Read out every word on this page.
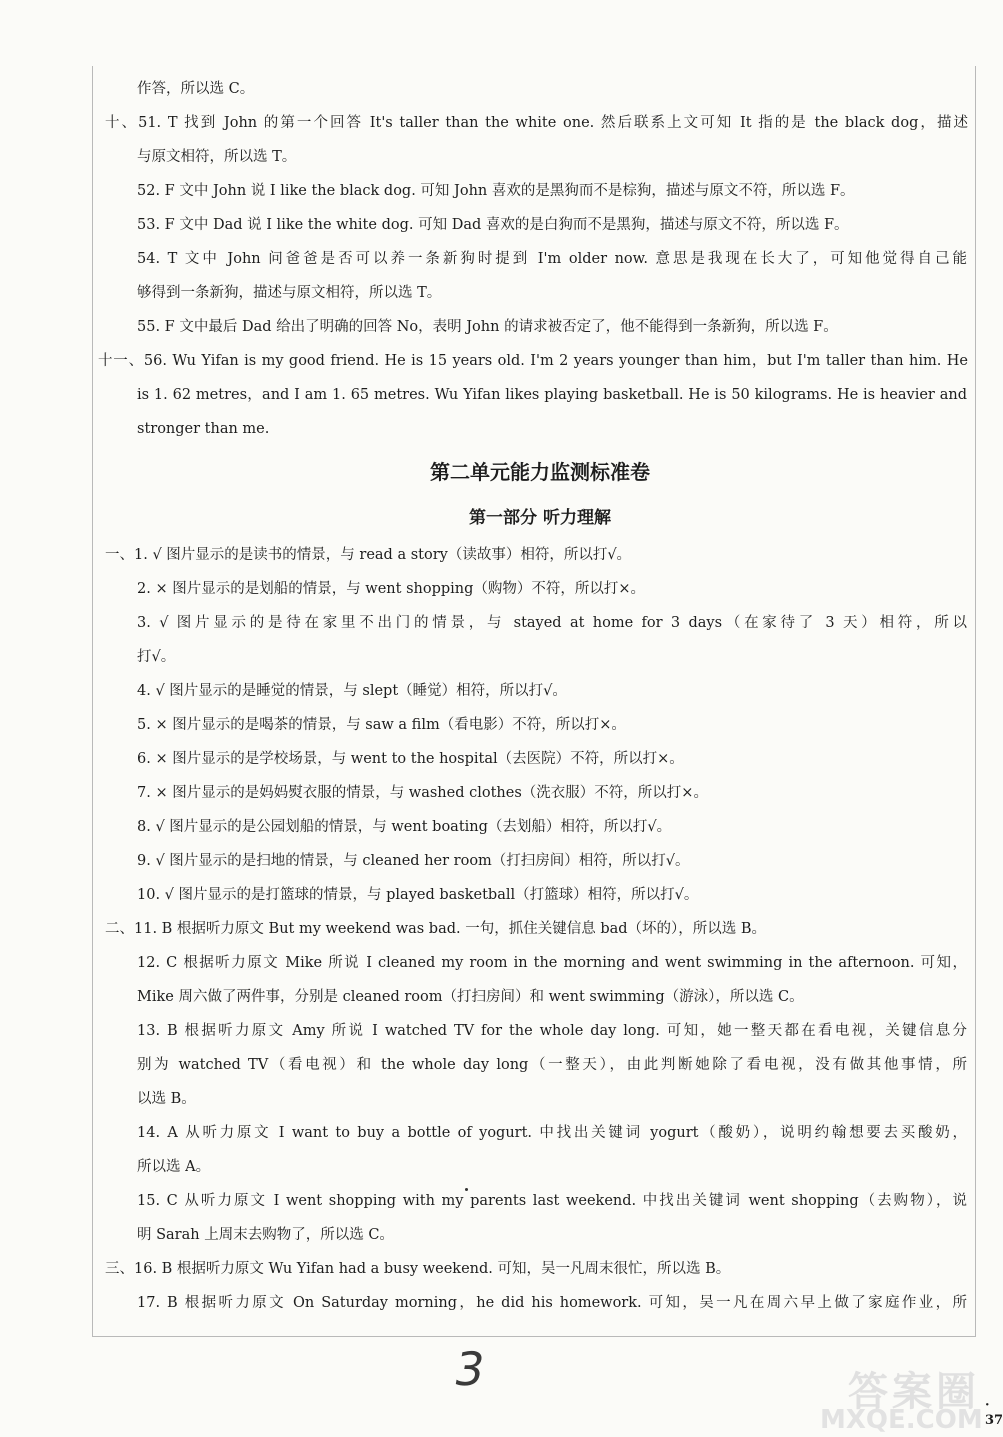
作答，所以选 C。
十、51. T 找到 John 的第一个回答 It's taller than the white one. 然后联系上文可知 It 指的是 the black dog，描述
与原文相符，所以选 T。
52. F 文中 John 说 I like the black dog. 可知 John 喜欢的是黑狗而不是棕狗，描述与原文不符，所以选 F。
53. F 文中 Dad 说 I like the white dog. 可知 Dad 喜欢的是白狗而不是黑狗，描述与原文不符，所以选 F。
54. T 文中 John 问爸爸是否可以养一条新狗时提到 I'm older now. 意思是我现在长大了，可知他觉得自己能
够得到一条新狗，描述与原文相符，所以选 T。
55. F 文中最后 Dad 给出了明确的回答 No，表明 John 的请求被否定了，他不能得到一条新狗，所以选 F。
十一、56. Wu Yifan is my good friend. He is 15 years old. I'm 2 years younger than him，but I'm taller than him. He
is 1. 62 metres，and I am 1. 65 metres. Wu Yifan likes playing basketball. He is 50 kilograms. He is heavier and
stronger than me.
第二单元能力监测标准卷
第一部分 听力理解
一、1. √ 图片显示的是读书的情景，与 read a story（读故事）相符，所以打√。
2. × 图片显示的是划船的情景，与 went shopping（购物）不符，所以打×。
3. √ 图片显示的是待在家里不出门的情景，与 stayed at home for 3 days（在家待了 3 天）相符，所以
打√。
4. √ 图片显示的是睡觉的情景，与 slept（睡觉）相符，所以打√。
5. × 图片显示的是喝茶的情景，与 saw a film（看电影）不符，所以打×。
6. × 图片显示的是学校场景，与 went to the hospital（去医院）不符，所以打×。
7. × 图片显示的是妈妈熨衣服的情景，与 washed clothes（洗衣服）不符，所以打×。
8. √ 图片显示的是公园划船的情景，与 went boating（去划船）相符，所以打√。
9. √ 图片显示的是扫地的情景，与 cleaned her room（打扫房间）相符，所以打√。
10. √ 图片显示的是打篮球的情景，与 played basketball（打篮球）相符，所以打√。
二、11. B 根据听力原文 But my weekend was bad. 一句，抓住关键信息 bad（坏的），所以选 B。
12. C 根据听力原文 Mike 所说 I cleaned my room in the morning and went swimming in the afternoon. 可知，
Mike 周六做了两件事，分别是 cleaned room（打扫房间）和 went swimming（游泳），所以选 C。
13. B 根据听力原文 Amy 所说 I watched TV for the whole day long. 可知，她一整天都在看电视，关键信息分
别为 watched TV（看电视）和 the whole day long（一整天），由此判断她除了看电视，没有做其他事情，所
以选 B。
14. A 从听力原文 I want to buy a bottle of yogurt. 中找出关键词 yogurt（酸奶），说明约翰想要去买酸奶，
所以选 A。
15. C 从听力原文 I went shopping with my parents last weekend. 中找出关键词 went shopping（去购物），说
明 Sarah 上周末去购物了，所以选 C。
三、16. B 根据听力原文 Wu Yifan had a busy weekend. 可知，吴一凡周末很忙，所以选 B。
17. B 根据听力原文 On Saturday morning，he did his homework. 可知，吴一凡在周六早上做了家庭作业，所
3	答案圈
MXQE.COM · 37
